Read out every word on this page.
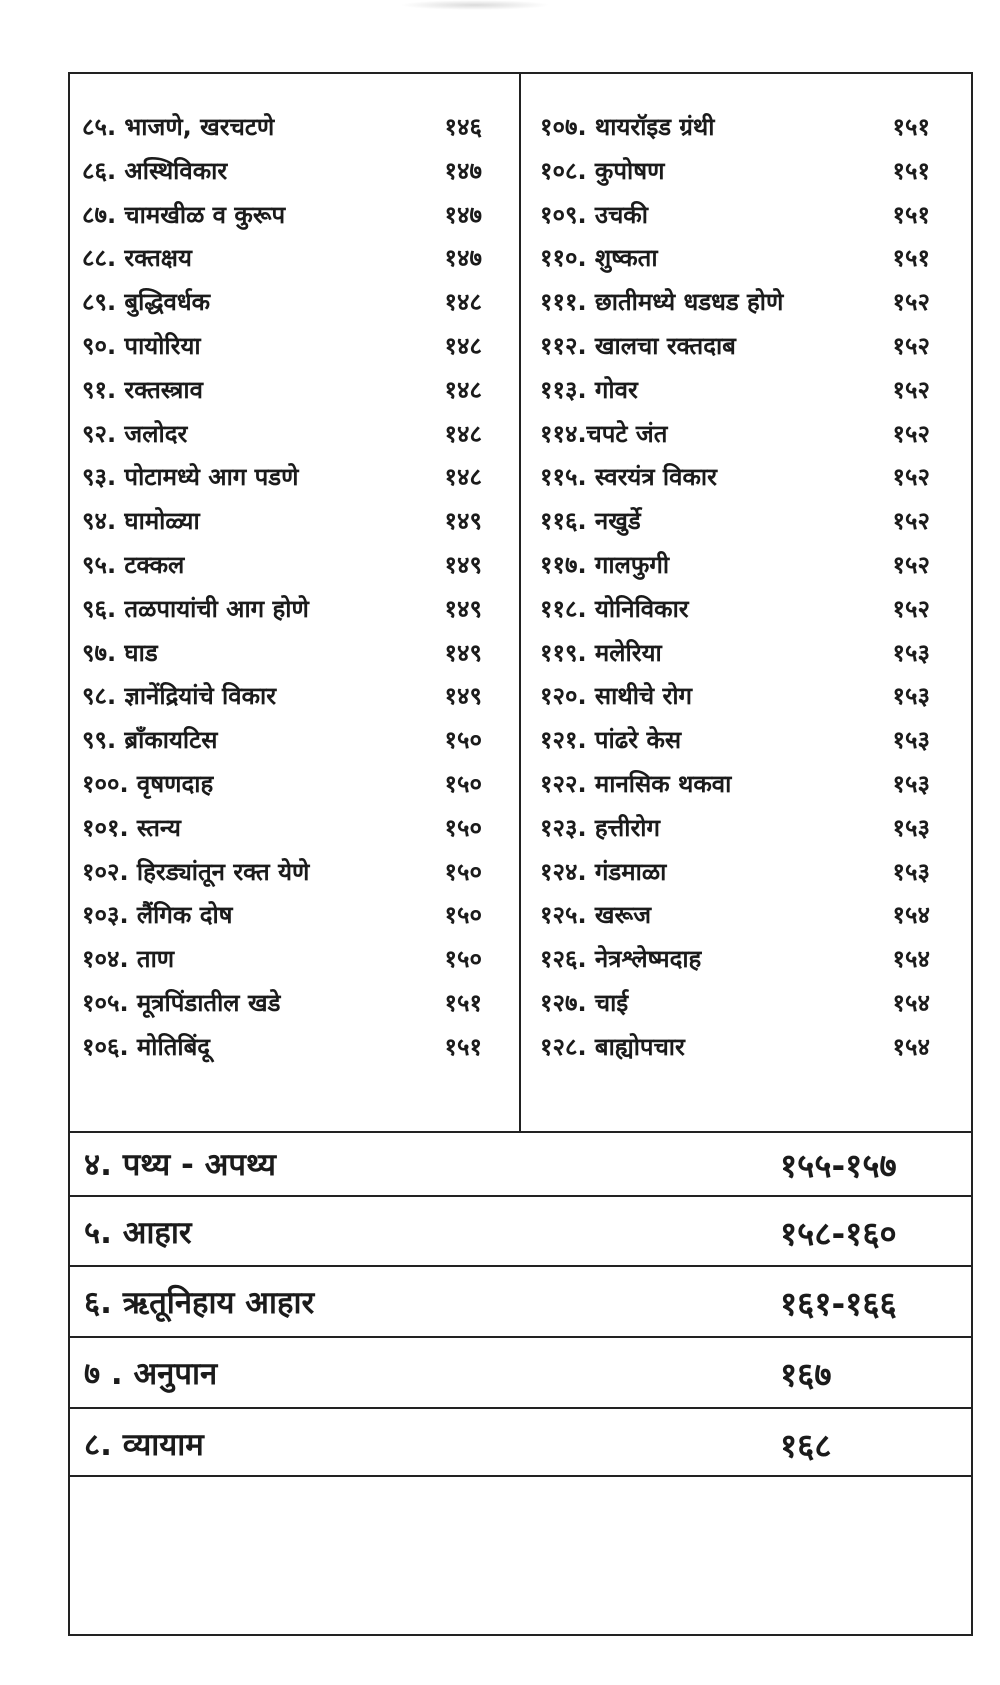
८५. भाजणे, खरचटणे	१४६
८६. अस्थिविकार	१४७
८७. चामखीळ व कुरूप	१४७
८८. रक्तक्षय	१४७
८९. बुद्धिवर्धक	१४८
९०. पायोरिया	१४८
९१. रक्तस्त्राव	१४८
९२. जलोदर	१४८
९३. पोटामध्ये आग पडणे	१४८
९४. घामोळ्या	१४९
९५. टक्कल	१४९
९६. तळपायांची आग होणे	१४९
९७. घाड	१४९
९८. ज्ञानेंद्रियांचे विकार	१४९
९९. ब्राँकायटिस	१५०
१००. वृषणदाह	१५०
१०१. स्तन्य	१५०
१०२. हिरड्यांतून रक्त येणे	१५०
१०३. लैंगिक दोष	१५०
१०४. ताण	१५०
१०५. मूत्रपिंडातील खडे	१५१
१०६. मोतिबिंदू	१५१
१०७. थायरॉइड ग्रंथी	१५१
१०८. कुपोषण	१५१
१०९. उचकी	१५१
११०. शुष्कता	१५१
१११. छातीमध्ये धडधड होणे	१५२
११२. खालचा रक्तदाब	१५२
११३. गोवर	१५२
११४.चपटे जंत	१५२
११५. स्वरयंत्र विकार	१५२
११६. नखुर्डे	१५२
११७. गालफुगी	१५२
११८. योनिविकार	१५२
११९. मलेरिया	१५३
१२०. साथीचे रोग	१५३
१२१. पांढरे केस	१५३
१२२. मानसिक थकवा	१५३
१२३. हत्तीरोग	१५३
१२४. गंडमाळा	१५३
१२५. खरूज	१५४
१२६. नेत्रश्लेष्मदाह	१५४
१२७. चाई	१५४
१२८. बाह्योपचार	१५४
४. पथ्य - अपथ्य	१५५-१५७
५. आहार	१५८-१६०
६. ऋतूनिहाय आहार	१६१-१६६
७ . अनुपान	१६७
८. व्यायाम	१६८
